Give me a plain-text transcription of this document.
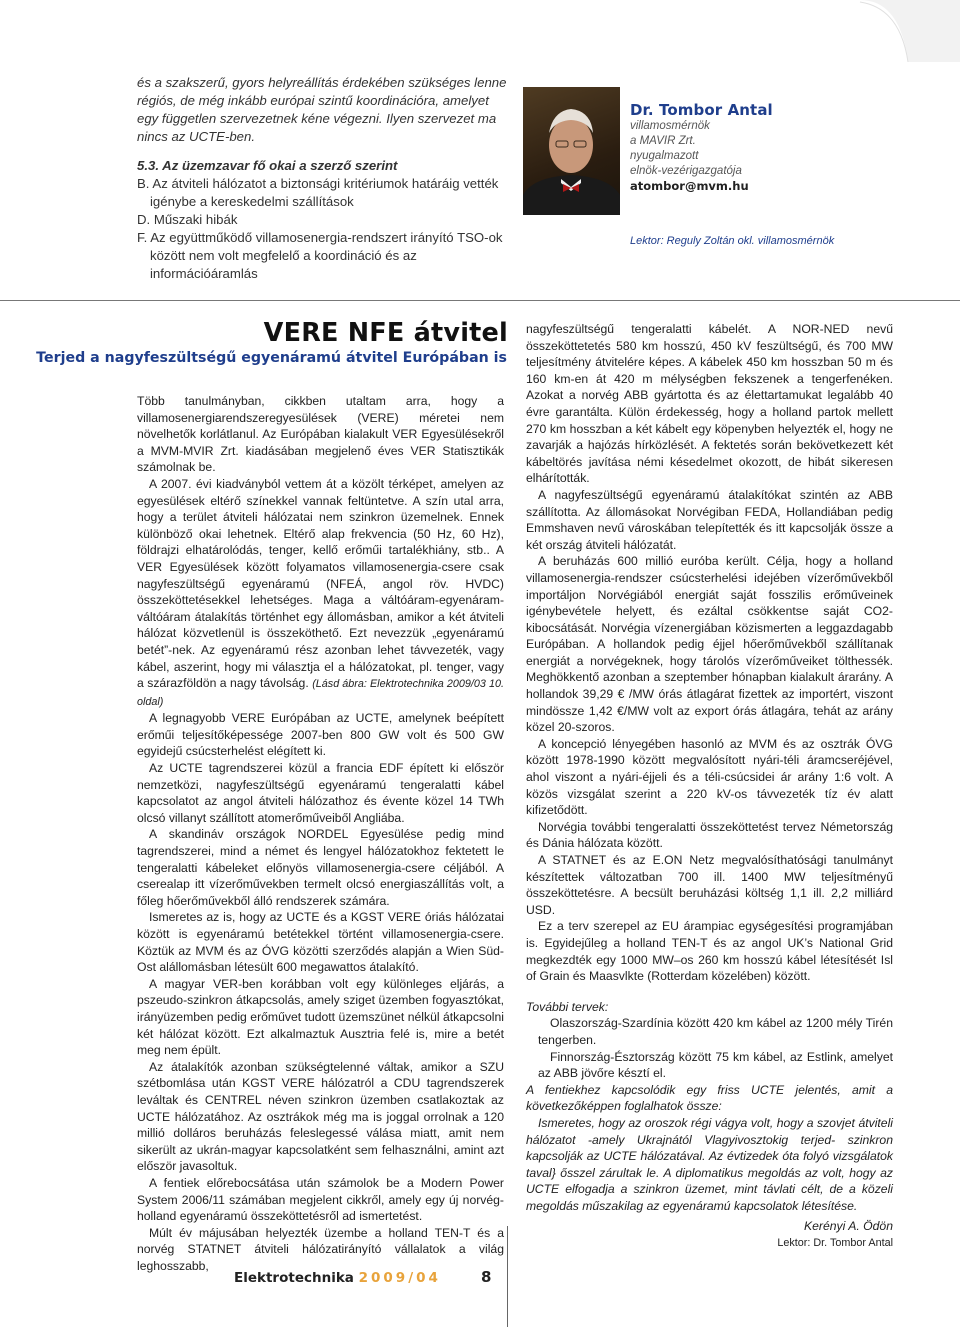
és a szakszerű, gyors helyreállítás érdekében szükséges lenne régiós, de még inkább európai szintű koordinációra, amelyet egy független szervezetnek kéne végezni. Ilyen szervezet ma nincs az UCTE-ben.

5.3. Az üzemzavar fő okai a szerző szerint

B. Az átviteli hálózatot a biztonsági kritériumok határáig vették igénybe a kereskedelmi szállítások

D. Műszaki hibák

F. Az együttműködő villamosenergia-rendszert irányító TSO-ok között nem volt megfelelő a koordináció és az információáramlás

Dr. Tombor Antal
villamosmérnök
a MAVIR Zrt.
nyugalmazott
elnök-vezérigazgatója
atombor@mvm.hu
Lektor: Reguly Zoltán okl. villamosmérnök
VERE NFE átvitel
Terjed a nagyfeszültségű egyenáramú átvitel Európában is

Több tanulmányban, cikkben utaltam arra, hogy a villamosenergiarendszeregyesülések (VERE) méretei nem növelhetők korlátlanul. Az Európában kialakult VER Egyesülésekről a MVM-MVIR Zrt. kiadásában megjelenő éves VER Statisztikák számolnak be.

A 2007. évi kiadványból vettem át a közölt térképet, amelyen az egyesülések eltérő színekkel vannak feltüntetve. A szín utal arra, hogy a terület átviteli hálózatai nem szinkron üzemelnek. Ennek különböző okai lehetnek. Eltérő alap frekvencia (50 Hz, 60 Hz), földrajzi elhatárolódás, tenger, kellő erőműi tartalékhiány, stb.. A VER Egyesülések között folyamatos villamosenergia-csere csak nagyfeszültségű egyenáramú (NFEÁ, angol röv. HVDC) összeköttetésekkel lehetséges. Maga a váltóáram-egyenáram-váltóáram átalakítás történhet egy állomásban, amikor a két átviteli hálózat közvetlenül is összeköthető. Ezt nevezzük „egyenáramú betét”-nek. Az egyenáramú rész azonban lehet távvezeték, vagy kábel, aszerint, hogy mi választja el a hálózatokat, pl. tenger, vagy a szárazföldön a nagy távolság. (Lásd ábra: Elektrotechnika 2009/03 10. oldal)

A legnagyobb VERE Európában az UCTE, amelynek beépített erőműi teljesítőképessége 2007-ben 800 GW volt és 500 GW egyidejű csúcsterhelést elégített ki.

Az UCTE tagrendszerei közül a francia EDF épített ki először nemzetközi, nagyfeszültségű egyenáramú tengeralatti kábel kapcsolatot az angol átviteli hálózathoz és évente közel 14 TWh olcsó villanyt szállított atomerőműveiből Angliába.

A skandináv országok NORDEL Egyesülése pedig mind tagrendszerei, mind a német és lengyel hálózatokhoz fektetett le tengeralatti kábeleket előnyös villamosenergia-csere céljából. A cserealap itt vízerőművekben termelt olcsó energiaszállítás volt, a főleg hőerőművekből álló rendszerek számára.

Ismeretes az is, hogy az UCTE és a KGST VERE óriás hálózatai között is egyenáramú betétekkel történt villamosenergia-csere. Köztük az MVM és az ÓVG közötti szerződés alapján a Wien Süd-Ost alállomásban létesült 600 megawattos átalakító.

A magyar VER-ben korábban volt egy különleges eljárás, a pszeudo-szinkron átkapcsolás, amely sziget üzemben fogyasztókat, irányüzemben pedig erőművet tudott üzemszünet nélkül átkapcsolni két hálózat között. Ezt alkalmaztuk Ausztria felé is, mire a betét meg nem épült.

Az átalakítók azonban szükségtelenné váltak, amikor a SZU szétbomlása után KGST VERE hálózatról a CDU tagrendszerek leváltak és CENTREL néven szinkron üzemben csatlakoztak az UCTE hálózatához. Az osztrákok még ma is joggal orrolnak a 120 millió dolláros beruházás feleslegessé válása miatt, amit nem sikerült az ukrán-magyar kapcsolatként sem felhasználni, amint azt először javasoltuk.

A fentiek előrebocsátása után számolok be a Modern Power System 2006/11 számában megjelent cikkről, amely egy új norvég-holland egyenáramú összeköttetésről ad ismertetést.

Múlt év májusában helyezték üzembe a holland TEN-T és a norvég STATNET átviteli hálózatirányító vállalatok a világ leghosszabb,

nagyfeszültségű tengeralatti kábelét. A NOR-NED nevű összeköttetetés 580 km hosszú, 450 kV feszültségű, és 700 MW teljesítmény átvitelére képes. A kábelek 450 km hosszban 50 m és 160 km-en át 420 m mélységben fekszenek a tengerfenéken. Azokat a norvég ABB gyártotta és az élettartamukat legalább 40 évre garantálta. Külön érdekesség, hogy a holland partok mellett 270 km hosszban a két kábelt egy köpenyben helyezték el, hogy ne zavarják a hajózás hírközlését. A fektetés során bekövetkezett két kábeltörés javítása némi késedelmet okozott, de hibát sikeresen elhárították.

A nagyfeszültségű egyenáramú átalakítókat szintén az ABB szállította. Az állomásokat Norvégiban FEDA, Hollandiában pedig Emmshaven nevű városkában telepítették és itt kapcsolják össze a két ország átviteli hálózatát.

A beruházás 600 millió euróba került. Célja, hogy a holland villamosenergia-rendszer csúcsterhelési idejében vízerőművekből importáljon Norvégiából energiát saját fosszilis erőműveinek igénybevétele helyett, és ezáltal csökkentse saját CO2-kibocsátását. Norvégia vízenergiában közismerten a leggazdagabb Európában. A hollandok pedig éjjel hőerőművekből szállítanak energiát a norvégeknek, hogy tárolós vízerőműveiket tölthessék. Meghökkentő azonban a szeptember hónapban kialakult árarány. A hollandok 39,29 € /MW órás átlagárat fizettek az importért, viszont mindössze 1,42 €/MW volt az export órás átlagára, tehát az arány közel 20-szoros.

A koncepció lényegében hasonló az MVM és az osztrák ÓVG között 1978-1990 között megvalósított nyári-téli áramcseréjével, ahol viszont a nyári-éjjeli és a téli-csúcsidei ár arány 1:6 volt. A közös vizsgálat szerint a 220 kV-os távvezeték tíz év alatt kifizetődött.

Norvégia további tengeralatti összeköttetést tervez Németország és Dánia hálózata között.

A STATNET és az E.ON Netz megvalósíthatósági tanulmányt készítettek változatban 700 ill. 1400 MW teljesítményű összeköttetésre. A becsült beruházási költség 1,1 ill. 2,2 milliárd USD.

Ez a terv szerepel az EU árampiac egységesítési programjában is. Egyidejűleg a holland TEN-T és az angol UK’s National Grid megkezdték egy 1000 MW–os 260 km hosszú kábel létesítését Isl of Grain és Maasvlkte (Rotterdam közelében) között.

További tervek:

Olaszország-Szardínia között 420 km kábel az 1200 mély Tirén tengerben.

Finnország-Észtország között 75 km kábel, az Estlink, amelyet az ABB jövőre késztí el.

A fentiekhez kapcsolódik egy friss UCTE jelentés, amit a következőképpen foglalhatok össze:

Ismeretes, hogy az oroszok régi vágya volt, hogy a szovjet átviteli hálózatot -amely Ukrajnától Vlagyivosztokig terjed- szinkron kapcsolják az UCTE hálózatával. Az évtizedek óta folyó vizsgálatok taval} ősszel zárultak le. A diplomatikus megoldás az volt, hogy az UCTE elfogadja a szinkron üzemet, mint távlati célt, de a közeli megoldás műszakilag az egyenáramú kapcsolatok létesítése.

Kerényi A. Ödön

Lektor: Dr. Tombor Antal

Elektrotechnika 2009/04	8
